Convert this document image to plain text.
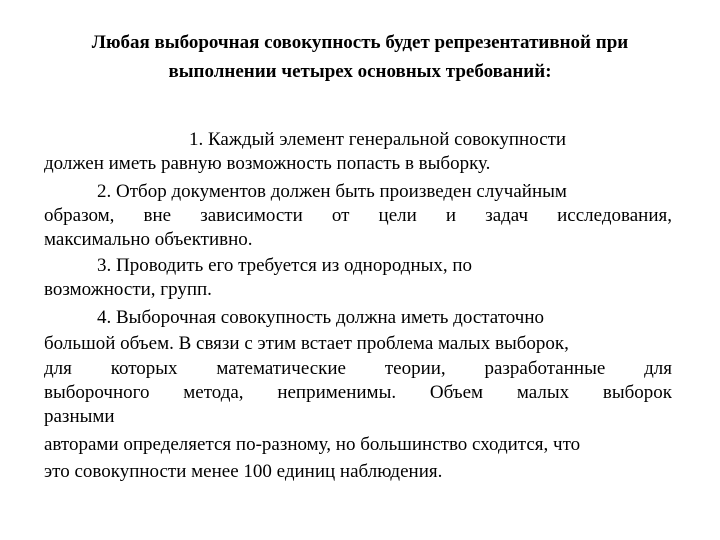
Любая выборочная совокупность будет репрезентативной при
выполнении четырех основных требований:
1. Каждый элемент генеральной совокупности
должен иметь равную возможность попасть в выборку.
2. Отбор документов должен быть произведен случайным
образом, вне зависимости от цели и задач исследования,
максимально объективно.
3. Проводить его требуется из однородных, по
возможности, групп.
4. Выборочная совокупность должна иметь достаточно
большой объем. В связи с этим встает проблема малых выборок,
для которых математические теории, разработанные для
выборочного метода, неприменимы. Объем малых выборок
разными
авторами определяется по-разному, но большинство сходится, что
это совокупности менее 100 единиц наблюдения.
